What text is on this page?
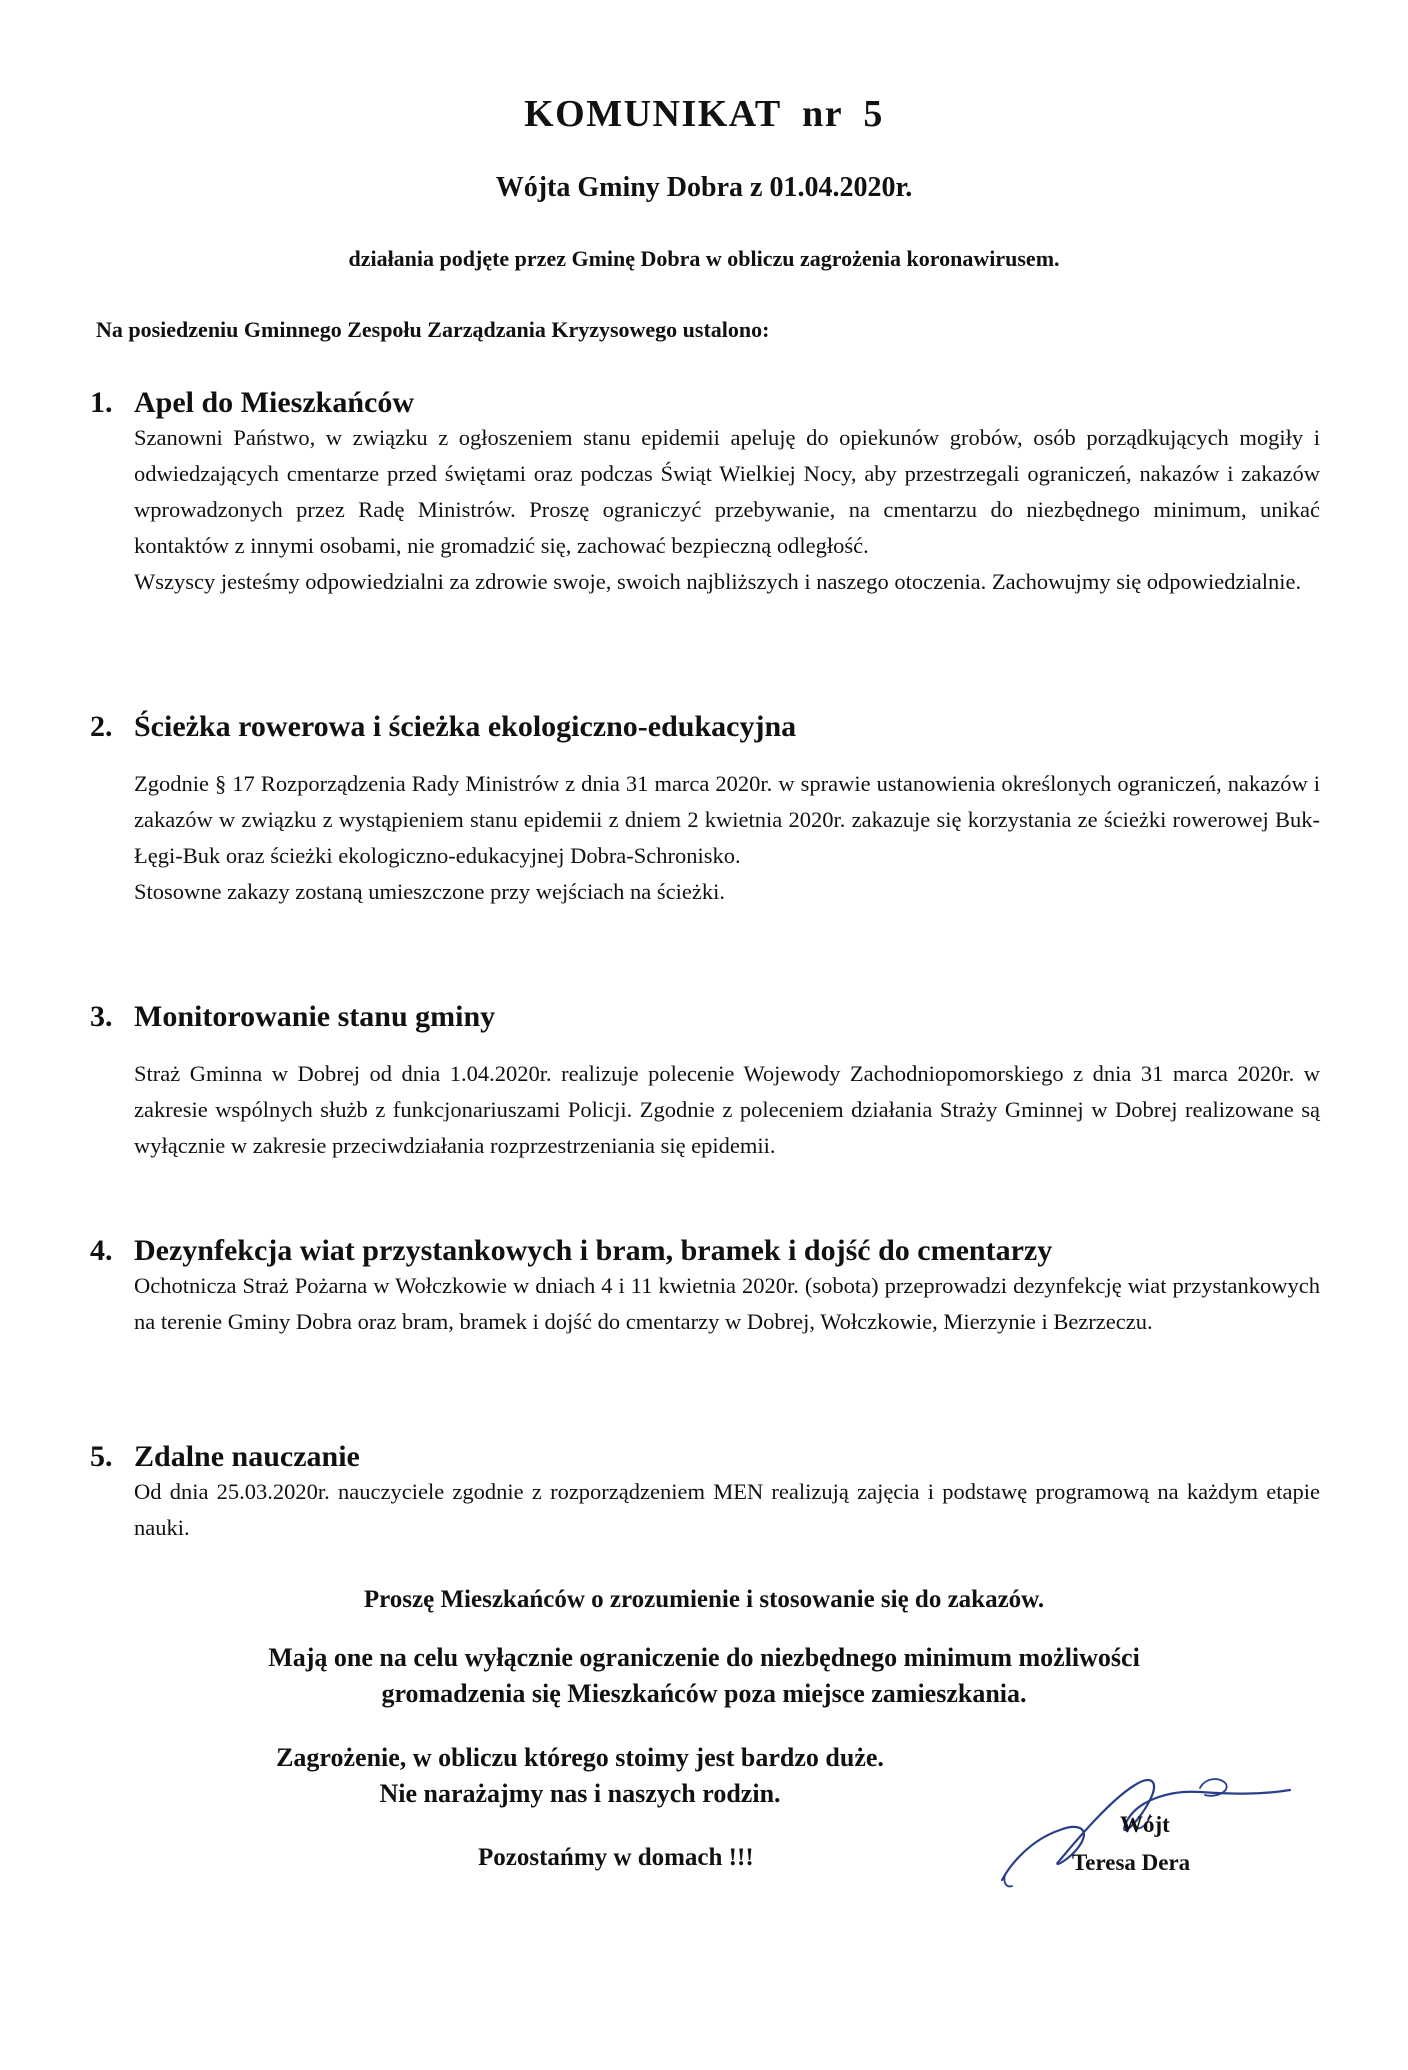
KOMUNIKAT nr 5
Wójta Gminy Dobra z 01.04.2020r.
działania podjęte przez Gminę Dobra w obliczu zagrożenia koronawirusem.
Na posiedzeniu Gminnego Zespołu Zarządzania Kryzysowego ustalono:
1. Apel do Mieszkańców

Szanowni Państwo, w związku z ogłoszeniem stanu epidemii apeluję do opiekunów grobów, osób porządkujących mogiły i odwiedzających cmentarze przed świętami oraz podczas Świąt Wielkiej Nocy, aby przestrzegali ograniczeń, nakazów i zakazów wprowadzonych przez Radę Ministrów. Proszę ograniczyć przebywanie, na cmentarzu do niezbędnego minimum, unikać kontaktów z innymi osobami, nie gromadzić się, zachować bezpieczną odległość.

Wszyscy jesteśmy odpowiedzialni za zdrowie swoje, swoich najbliższych i naszego otoczenia. Zachowujmy się odpowiedzialnie.

2. Ścieżka rowerowa i ścieżka ekologiczno-edukacyjna

Zgodnie § 17 Rozporządzenia Rady Ministrów z dnia 31 marca 2020r. w sprawie ustanowienia określonych ograniczeń, nakazów i zakazów w związku z wystąpieniem stanu epidemii z dniem 2 kwietnia 2020r. zakazuje się korzystania ze ścieżki rowerowej Buk-Łęgi-Buk oraz ścieżki ekologiczno-edukacyjnej Dobra-Schronisko.

Stosowne zakazy zostaną umieszczone przy wejściach na ścieżki.

3. Monitorowanie stanu gminy

Straż Gminna w Dobrej od dnia 1.04.2020r. realizuje polecenie Wojewody Zachodniopomorskiego z dnia 31 marca 2020r. w zakresie wspólnych służb z funkcjonariuszami Policji. Zgodnie z poleceniem działania Straży Gminnej w Dobrej realizowane są wyłącznie w zakresie przeciwdziałania rozprzestrzeniania się epidemii.

4. Dezynfekcja wiat przystankowych i bram, bramek i dojść do cmentarzy

Ochotnicza Straż Pożarna w Wołczkowie w dniach 4 i 11 kwietnia 2020r. (sobota) przeprowadzi dezynfekcję wiat przystankowych na terenie Gminy Dobra oraz bram, bramek i dojść do cmentarzy w Dobrej, Wołczkowie, Mierzynie i Bezrzeczu.

5. Zdalne nauczanie

Od dnia 25.03.2020r. nauczyciele zgodnie z rozporządzeniem MEN realizują zajęcia i podstawę programową na każdym etapie nauki.

Proszę Mieszkańców o zrozumienie i stosowanie się do zakazów.

Mają one na celu wyłącznie ograniczenie do niezbędnego minimum możliwości

gromadzenia się Mieszkańców poza miejsce zamieszkania.

Zagrożenie, w obliczu którego stoimy jest bardzo duże.

Nie narażajmy nas i naszych rodzin.

Pozostańmy w domach !!!

Wójt
Teresa Dera
